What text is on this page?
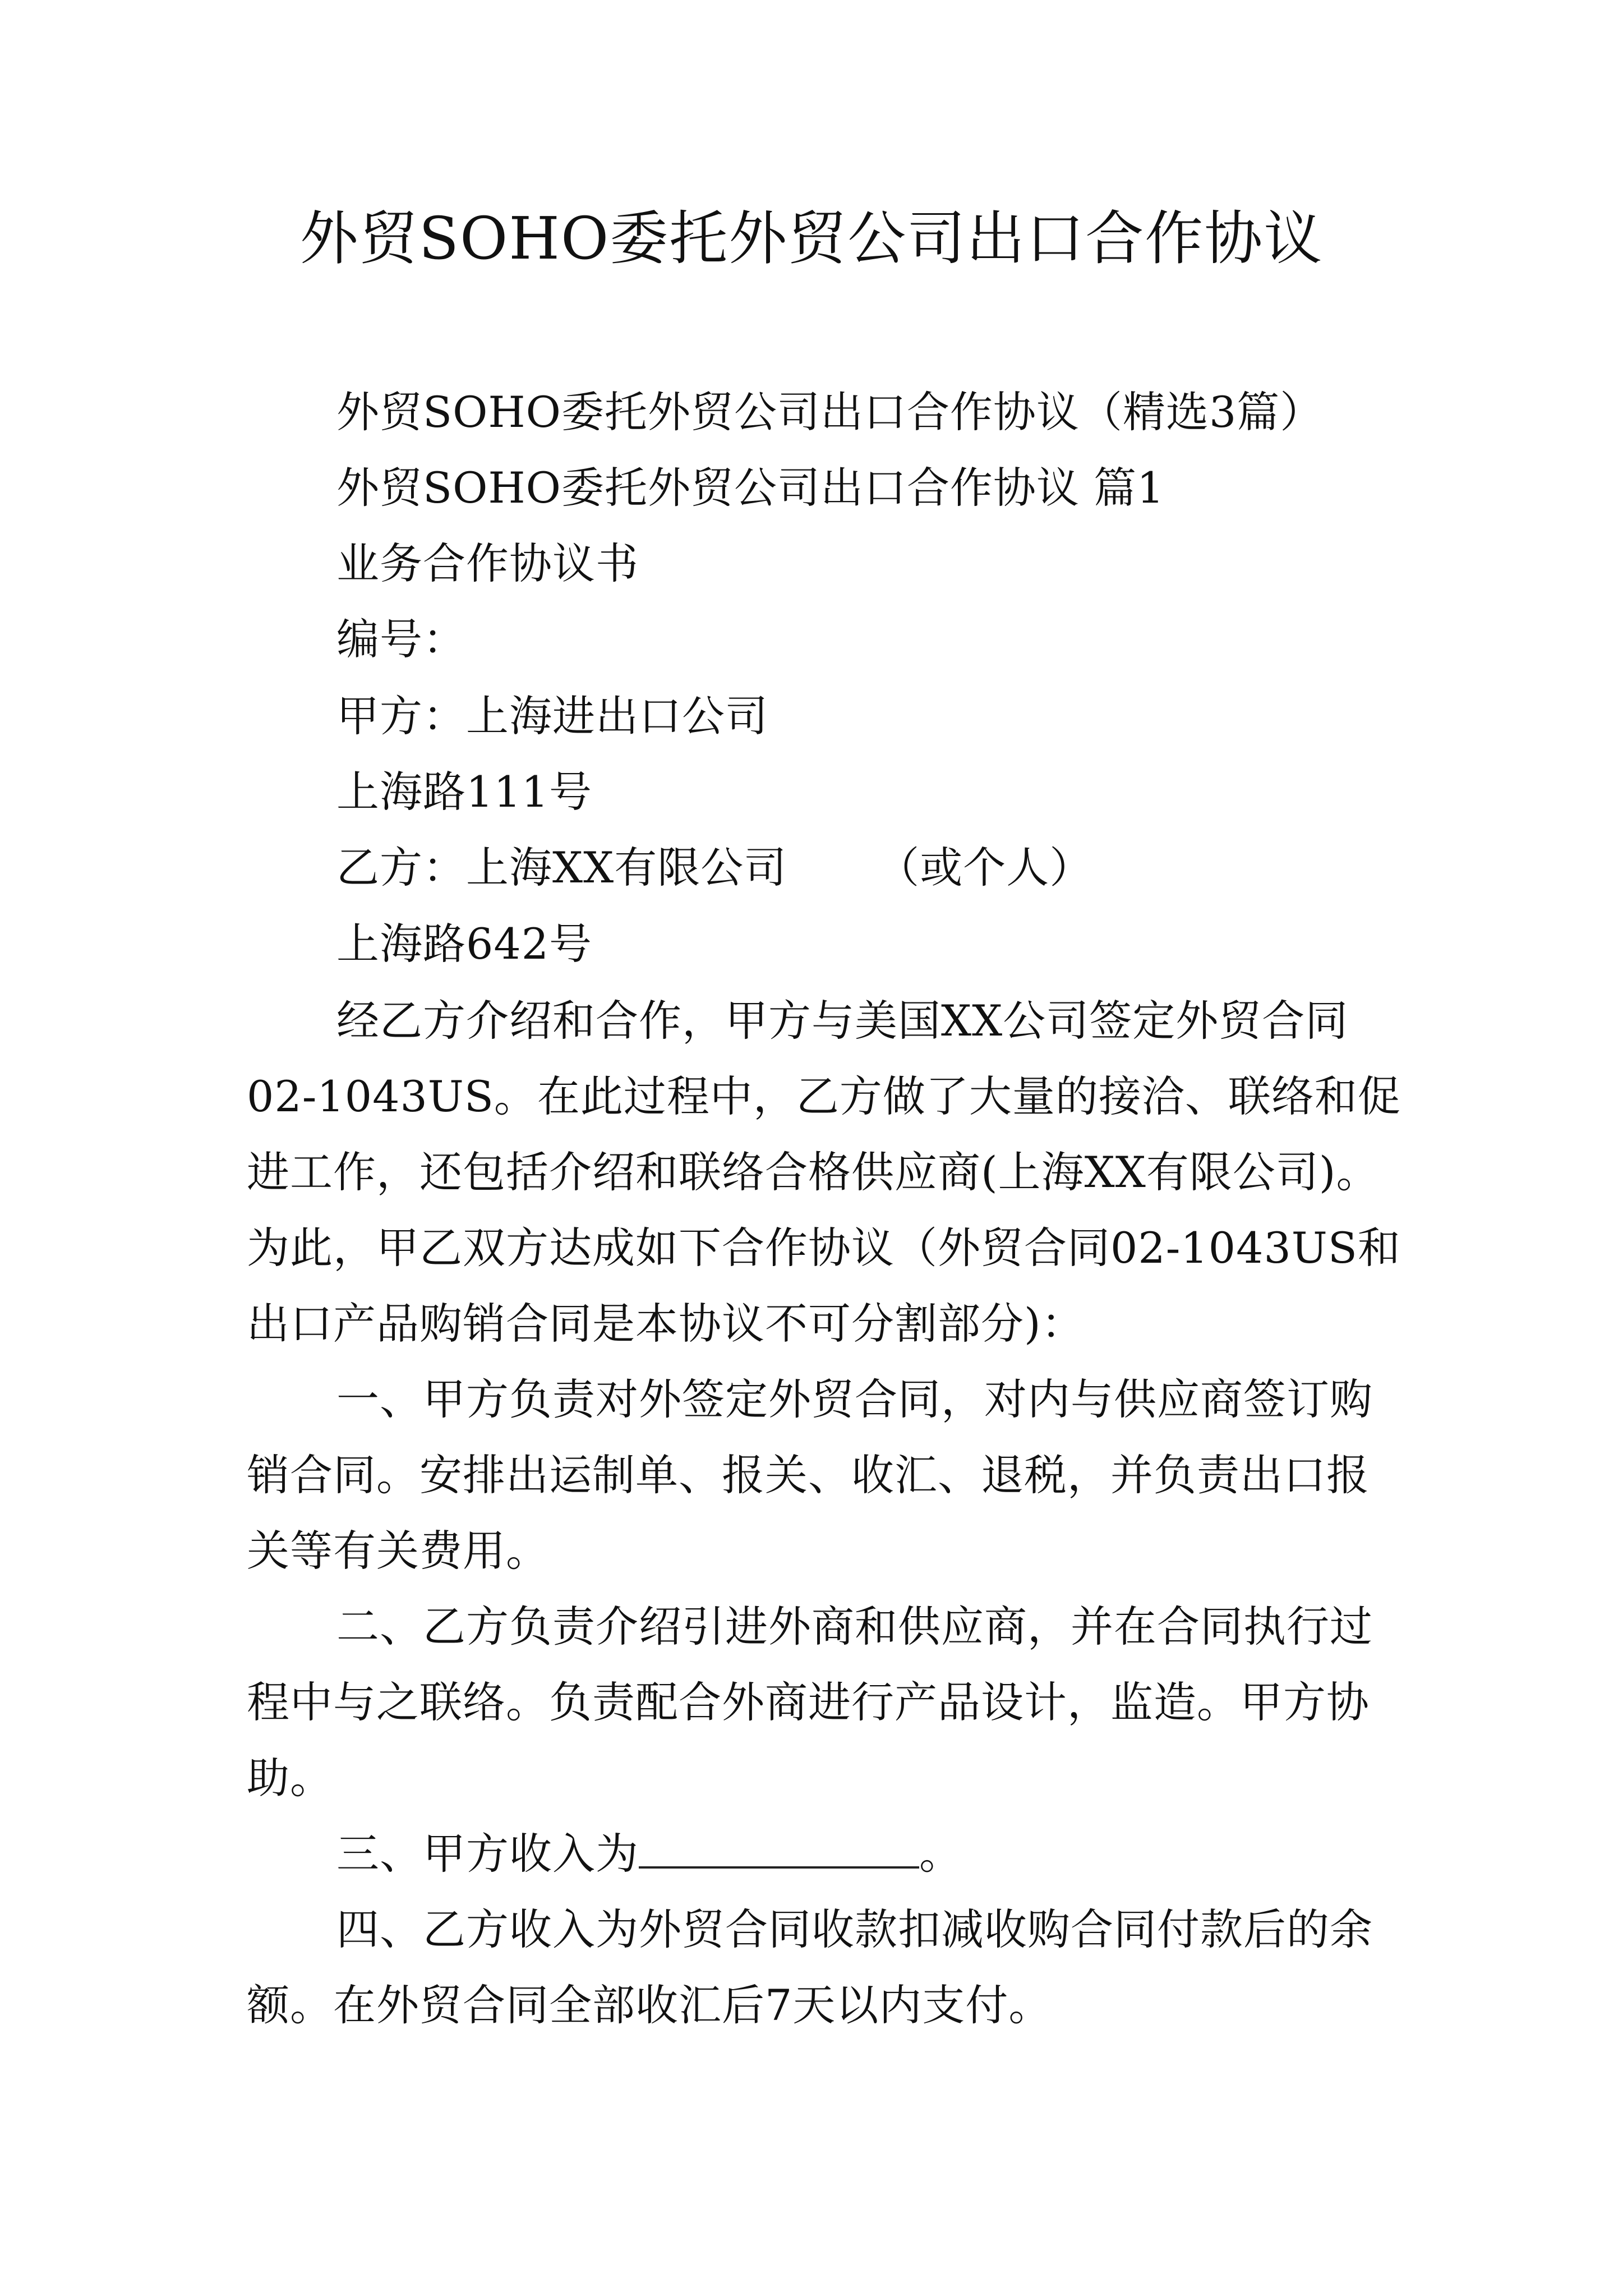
外贸SOHO委托外贸公司出口合作协议

外贸SOHO委托外贸公司出口合作协议（精选3篇）

外贸SOHO委托外贸公司出口合作协议 篇1

业务合作协议书

编号：

甲方：上海进出口公司

上海路111号

乙方：上海XX有限公司 （或个人）

上海路642号

经乙方介绍和合作，甲方与美国XX公司签定外贸合同

02-1043US。在此过程中，乙方做了大量的接洽、联络和促

进工作，还包括介绍和联络合格供应商(上海XX有限公司)。

为此，甲乙双方达成如下合作协议（外贸合同02-1043US和

出口产品购销合同是本协议不可分割部分)：

一、甲方负责对外签定外贸合同，对内与供应商签订购

销合同。安排出运制单、报关、收汇、退税，并负责出口报

关等有关费用。

二、乙方负责介绍引进外商和供应商，并在合同执行过

程中与之联络。负责配合外商进行产品设计，监造。甲方协

助。

三、甲方收入为	。

四、乙方收入为外贸合同收款扣减收购合同付款后的余

额。在外贸合同全部收汇后7天以内支付。
